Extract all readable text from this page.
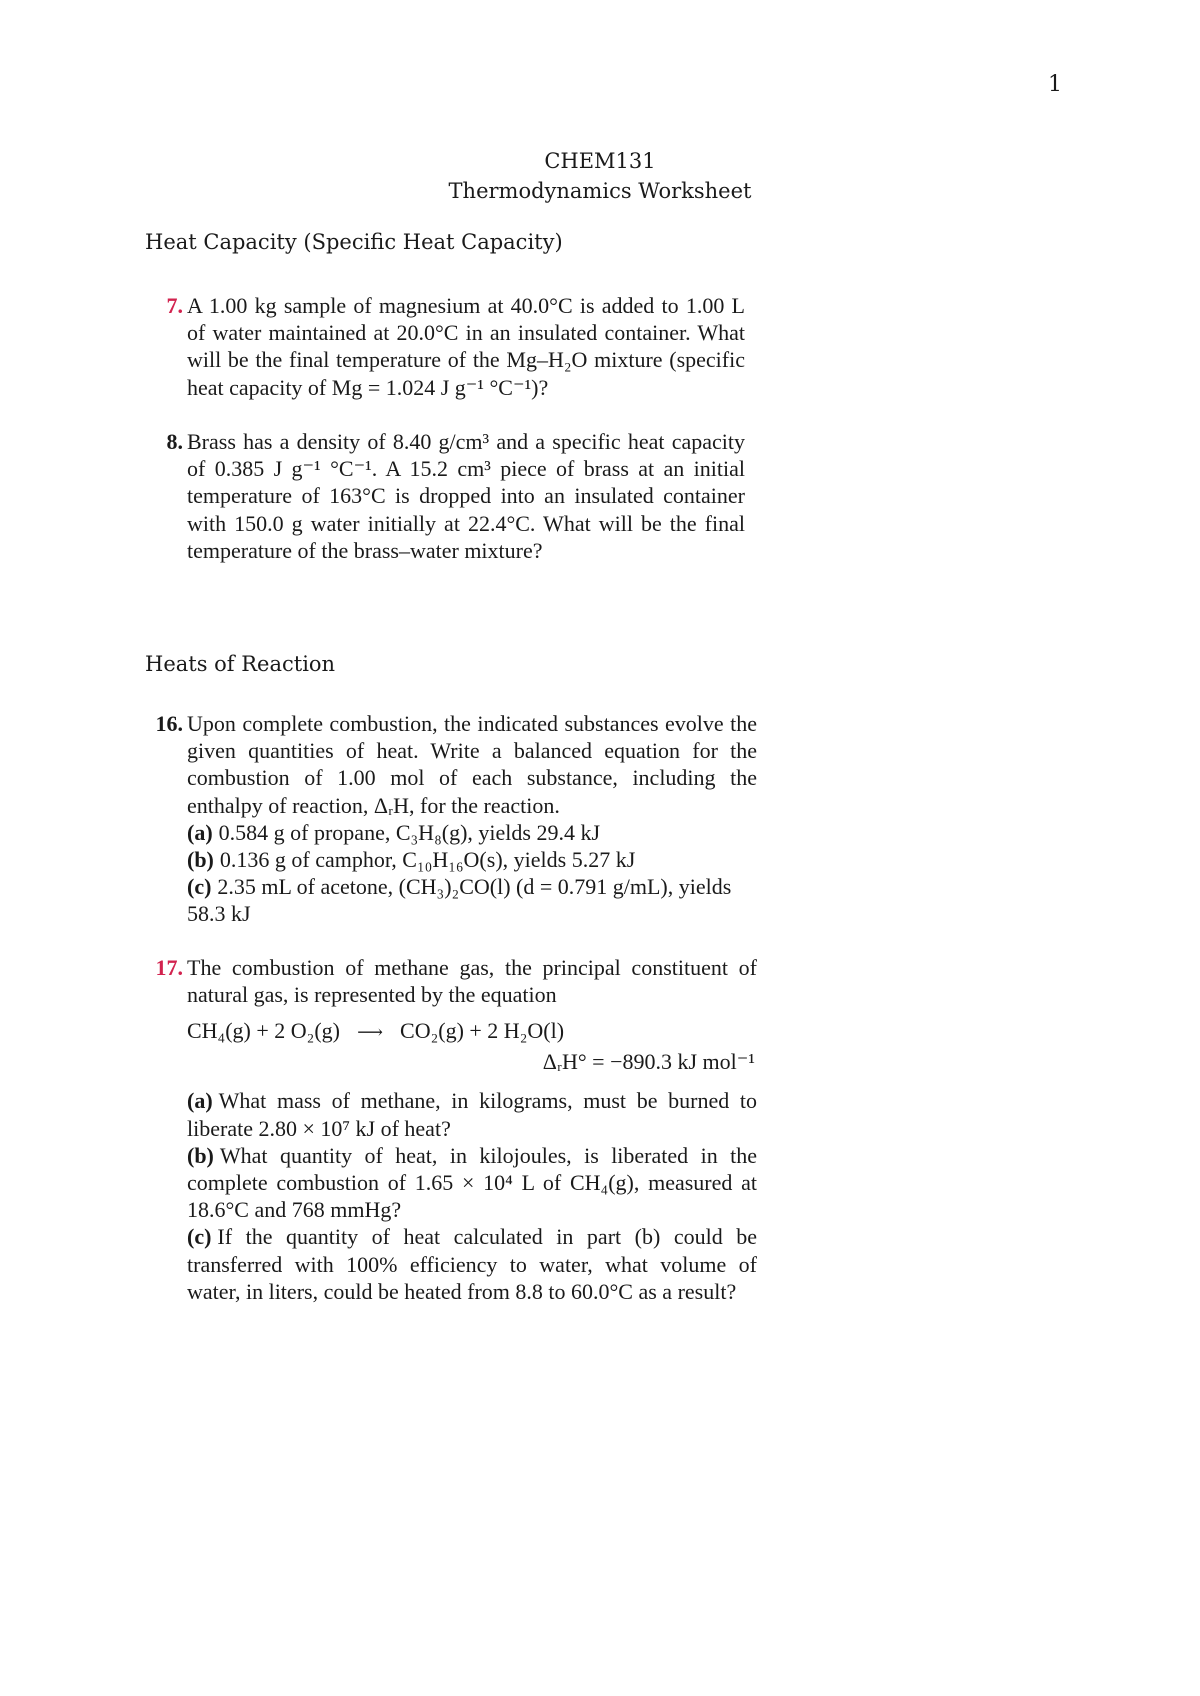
1
CHEM131
Thermodynamics Worksheet
Heat Capacity (Specific Heat Capacity)
7. A 1.00 kg sample of magnesium at 40.0°C is added to 1.00 L of water maintained at 20.0°C in an insulated container. What will be the final temperature of the Mg–H₂O mixture (specific heat capacity of Mg = 1.024 J g⁻¹ °C⁻¹)?
8. Brass has a density of 8.40 g/cm³ and a specific heat capacity of 0.385 J g⁻¹ °C⁻¹. A 15.2 cm³ piece of brass at an initial temperature of 163°C is dropped into an insulated container with 150.0 g water initially at 22.4°C. What will be the final temperature of the brass–water mixture?
Heats of Reaction
16. Upon complete combustion, the indicated substances evolve the given quantities of heat. Write a balanced equation for the combustion of 1.00 mol of each substance, including the enthalpy of reaction, ΔᵣH, for the reaction.
(a) 0.584 g of propane, C₃H₈(g), yields 29.4 kJ
(b) 0.136 g of camphor, C₁₀H₁₆O(s), yields 5.27 kJ
(c) 2.35 mL of acetone, (CH₃)₂CO(l) (d = 0.791 g/mL), yields 58.3 kJ
17. The combustion of methane gas, the principal constituent of natural gas, is represented by the equation
CH₄(g) + 2 O₂(g) ⟶ CO₂(g) + 2 H₂O(l)
ΔᵣH° = −890.3 kJ mol⁻¹
(a) What mass of methane, in kilograms, must be burned to liberate 2.80 × 10⁷ kJ of heat?
(b) What quantity of heat, in kilojoules, is liberated in the complete combustion of 1.65 × 10⁴ L of CH₄(g), measured at 18.6°C and 768 mmHg?
(c) If the quantity of heat calculated in part (b) could be transferred with 100% efficiency to water, what volume of water, in liters, could be heated from 8.8 to 60.0°C as a result?
